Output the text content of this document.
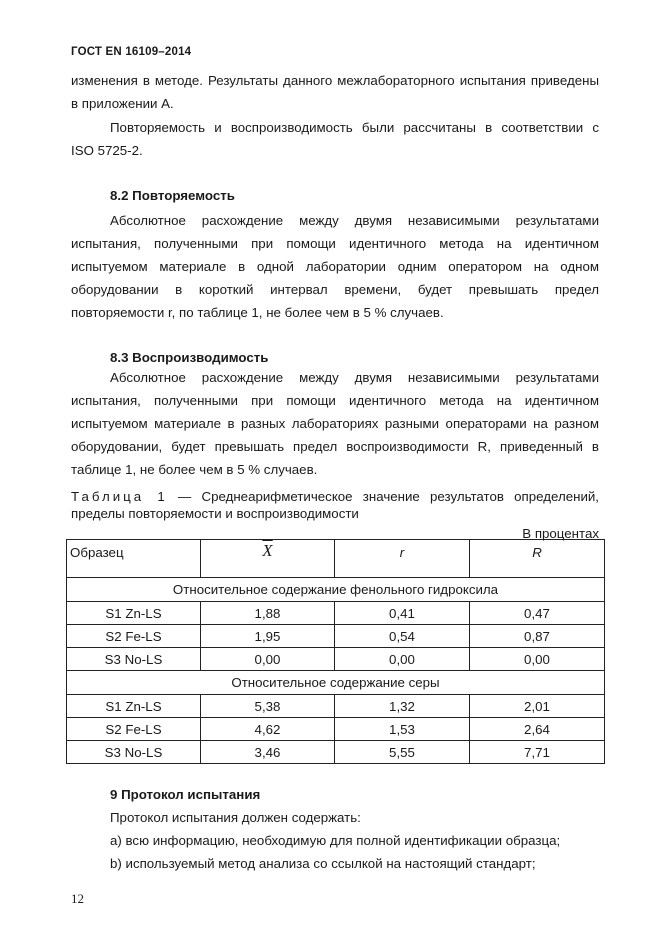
ГОСТ EN 16109–2014
изменения в методе. Результаты данного межлабораторного испытания приведены
в приложении А.
Повторяемость и воспроизводимость были рассчитаны в соответствии с
ISO 5725-2.
8.2 Повторяемость
Абсолютное расхождение между двумя независимыми результатами
испытания, полученными при помощи идентичного метода на идентичном
испытуемом материале в одной лаборатории одним оператором на одном
оборудовании в короткий интервал времени, будет превышать предел
повторяемости r, по таблице 1, не более чем в 5 % случаев.
8.3 Воспроизводимость
Абсолютное расхождение между двумя независимыми результатами
испытания, полученными при помощи идентичного метода на идентичном
испытуемом материале в разных лабораториях разными операторами на разном
оборудовании, будет превышать предел воспроизводимости R, приведенный в
таблице 1, не более чем в 5 % случаев.
Таблица 1 — Среднеарифметическое значение результатов определений,
пределы повторяемости и воспроизводимости
В процентах
Образец	$\overline{X}$	r	R
Относительное содержание фенольного гидроксила			
S1 Zn-LS	1,88	0,41	0,47
S2 Fe-LS	1,95	0,54	0,87
S3 No-LS	0,00	0,00	0,00
Относительное содержание серы			
S1 Zn-LS	5,38	1,32	2,01
S2 Fe-LS	4,62	1,53	2,64
S3 No-LS	3,46	5,55	7,71
9 Протокол испытания
Протокол испытания должен содержать:
a) всю информацию, необходимую для полной идентификации образца;
b) используемый метод анализа со ссылкой на настоящий стандарт;
12
